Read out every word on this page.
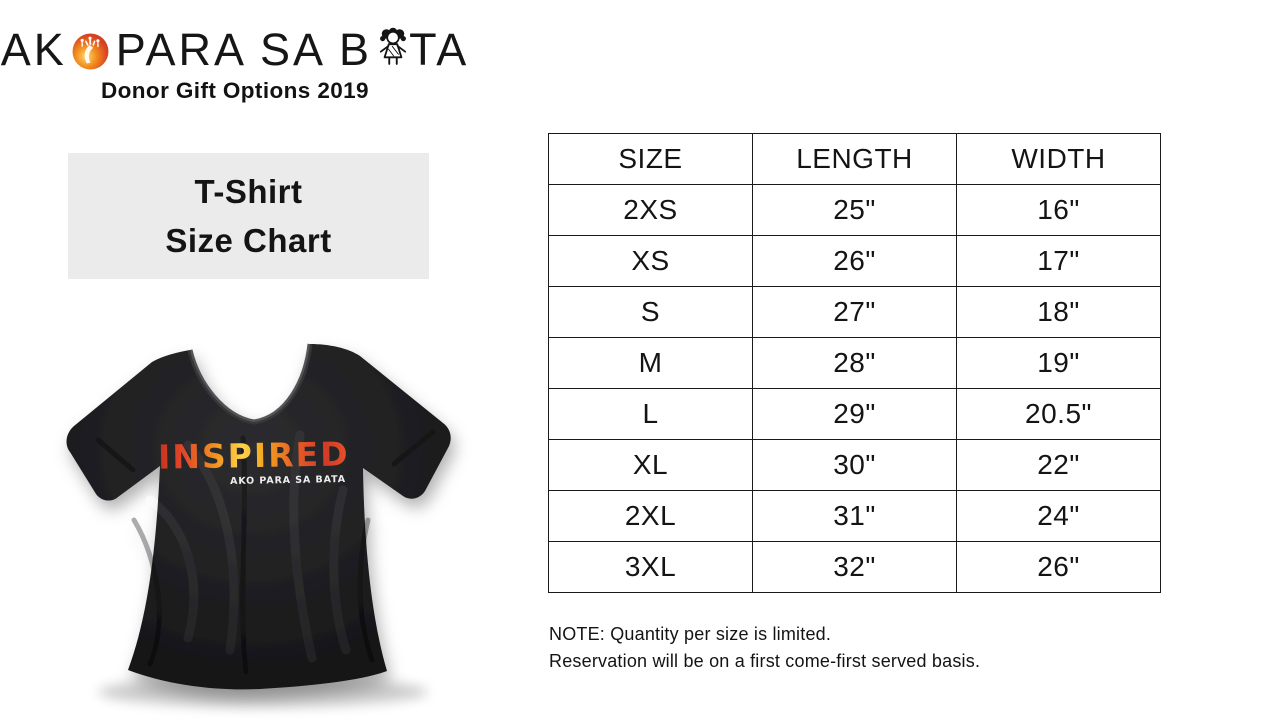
AK PARA SA B TA
Donor Gift Options 2019
T-Shirt
Size Chart
INSPIRED
AKO PARA SA BATA
SIZE	LENGTH	WIDTH
2XS	25"	16"
XS	26"	17"
S	27"	18"
M	28"	19"
L	29"	20.5"
XL	30"	22"
2XL	31"	24"
3XL	32"	26"
NOTE: Quantity per size is limited.
Reservation will be on a first come-first served basis.
